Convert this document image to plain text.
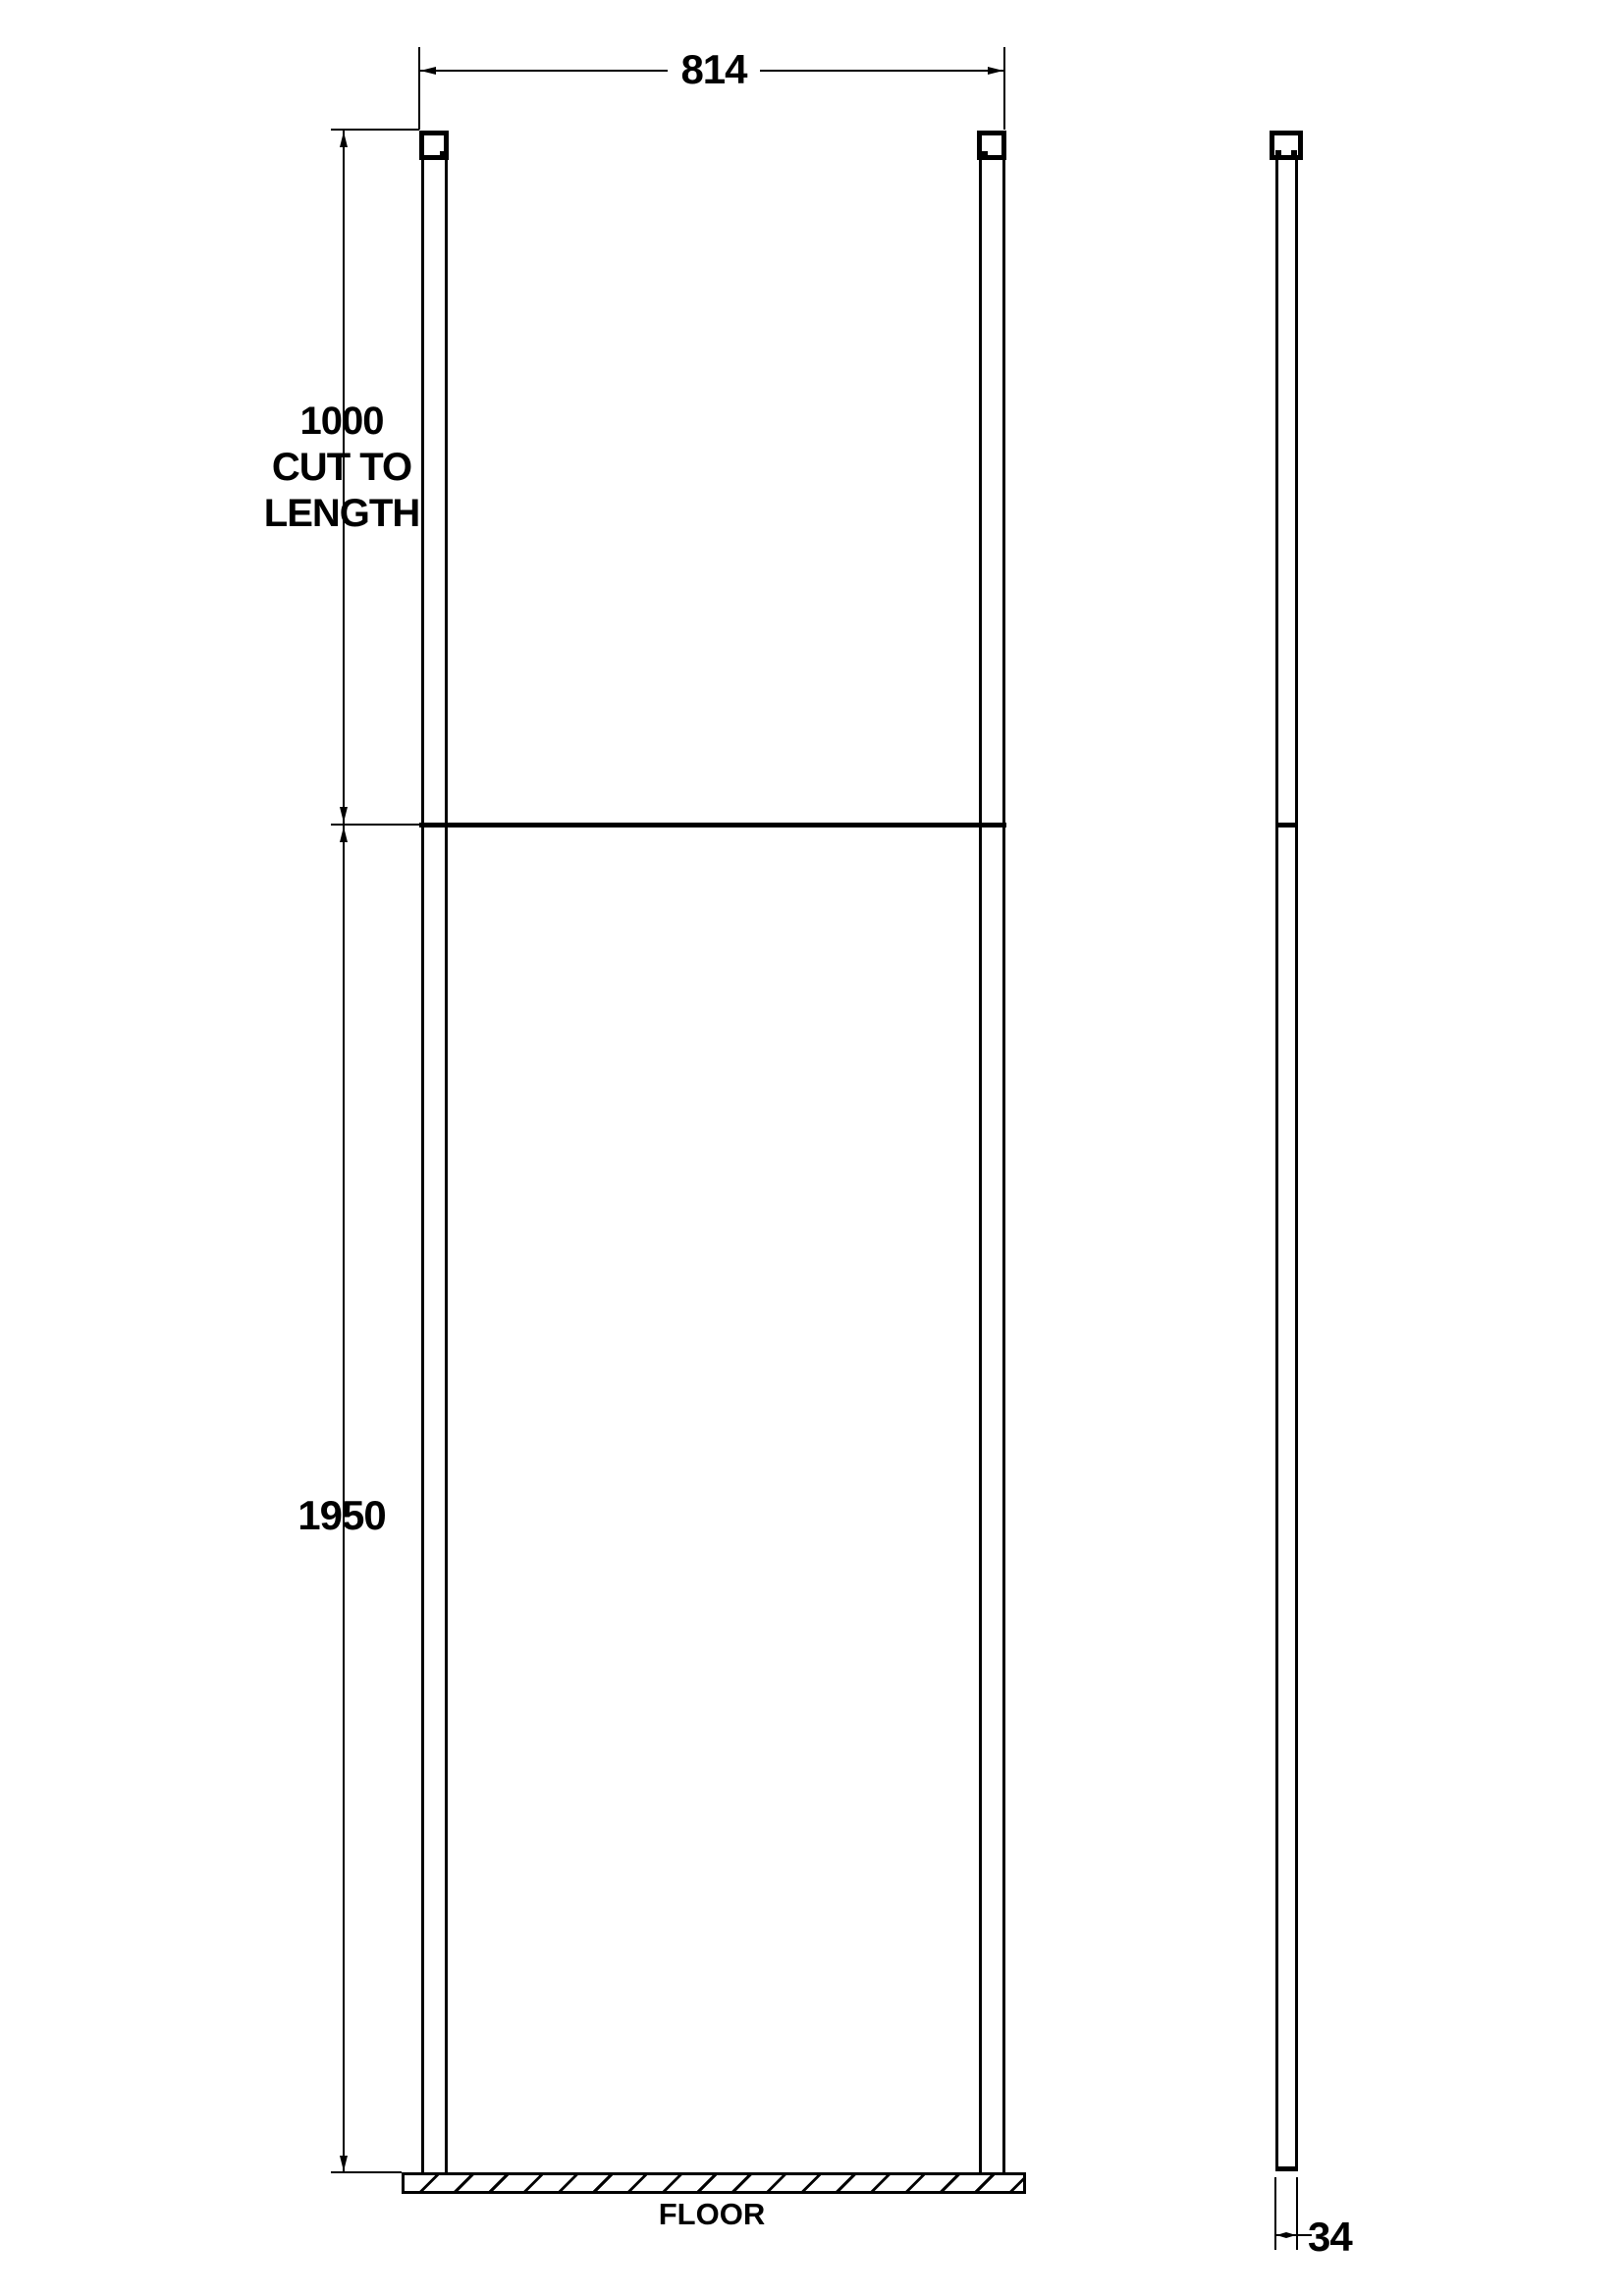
FLOOR
814
1000
CUT TO
LENGTH
1950
34
